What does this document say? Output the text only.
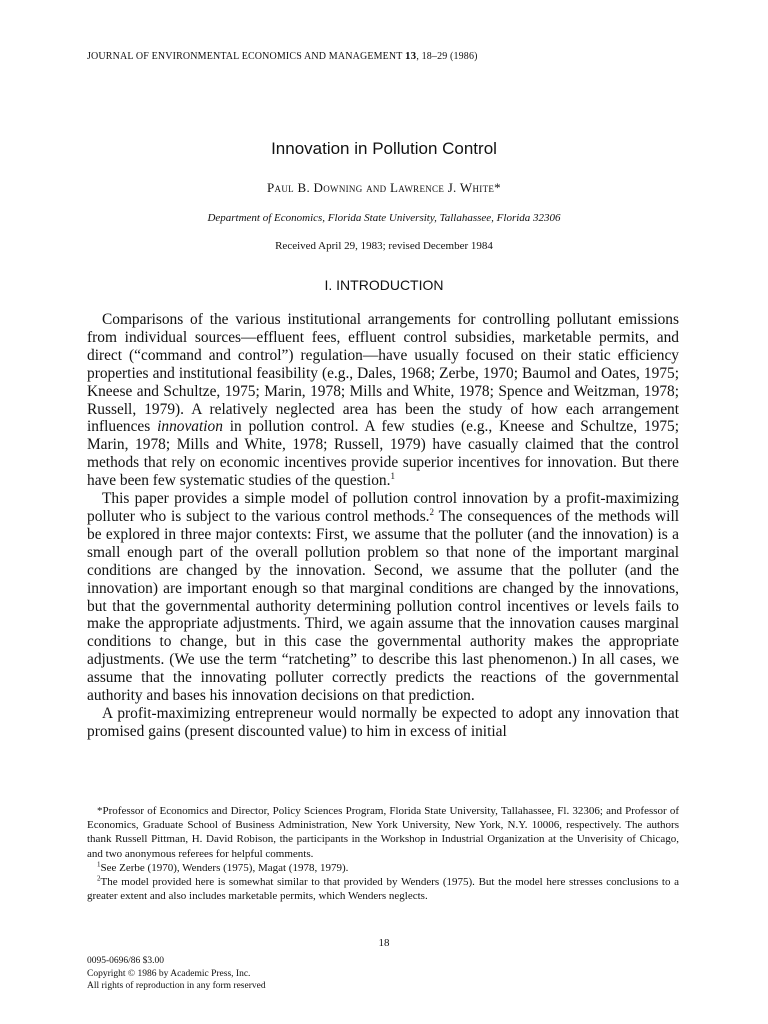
JOURNAL OF ENVIRONMENTAL ECONOMICS AND MANAGEMENT 13, 18–29 (1986)
Innovation in Pollution Control
Paul B. Downing and Lawrence J. White*
Department of Economics, Florida State University, Tallahassee, Florida 32306
Received April 29, 1983; revised December 1984
I. INTRODUCTION

Comparisons of the various institutional arrangements for controlling pollutant emissions from individual sources—effluent fees, effluent control subsidies, marketable permits, and direct (“command and control”) regulation—have usually focused on their static efficiency properties and institutional feasibility (e.g., Dales, 1968; Zerbe, 1970; Baumol and Oates, 1975; Kneese and Schultze, 1975; Marin, 1978; Mills and White, 1978; Spence and Weitzman, 1978; Russell, 1979). A relatively neglected area has been the study of how each arrangement influences innovation in pollution control. A few studies (e.g., Kneese and Schultze, 1975; Marin, 1978; Mills and White, 1978; Russell, 1979) have casually claimed that the control methods that rely on economic incentives provide superior incentives for innovation. But there have been few systematic studies of the question.$^1$

This paper provides a simple model of pollution control innovation by a profit-maximizing polluter who is subject to the various control methods.$^2$ The consequences of the methods will be explored in three major contexts: First, we assume that the polluter (and the innovation) is a small enough part of the overall pollution problem so that none of the important marginal conditions are changed by the innovation. Second, we assume that the polluter (and the innovation) are important enough so that marginal conditions are changed by the innovations, but that the governmental authority determining pollution control incentives or levels fails to make the appropriate adjustments. Third, we again assume that the innovation causes marginal conditions to change, but in this case the governmental authority makes the appropriate adjustments. (We use the term “ratcheting” to describe this last phenomenon.) In all cases, we assume that the innovating polluter correctly predicts the reactions of the governmental authority and bases his innovation decisions on that prediction.

A profit-maximizing entrepreneur would normally be expected to adopt any innovation that promised gains (present discounted value) to him in excess of initial

*Professor of Economics and Director, Policy Sciences Program, Florida State University, Tallahassee, Fl. 32306; and Professor of Economics, Graduate School of Business Administration, New York University, New York, N.Y. 10006, respectively. The authors thank Russell Pittman, H. David Robison, the participants in the Workshop in Industrial Organization at the Unverisity of Chicago, and two anonymous referees for helpful comments.

$^1$See Zerbe (1970), Wenders (1975), Magat (1978, 1979).

$^2$The model provided here is somewhat similar to that provided by Wenders (1975). But the model here stresses conclusions to a greater extent and also includes marketable permits, which Wenders neglects.

18
0095-0696/86 $3.00
Copyright © 1986 by Academic Press, Inc.
All rights of reproduction in any form reserved
